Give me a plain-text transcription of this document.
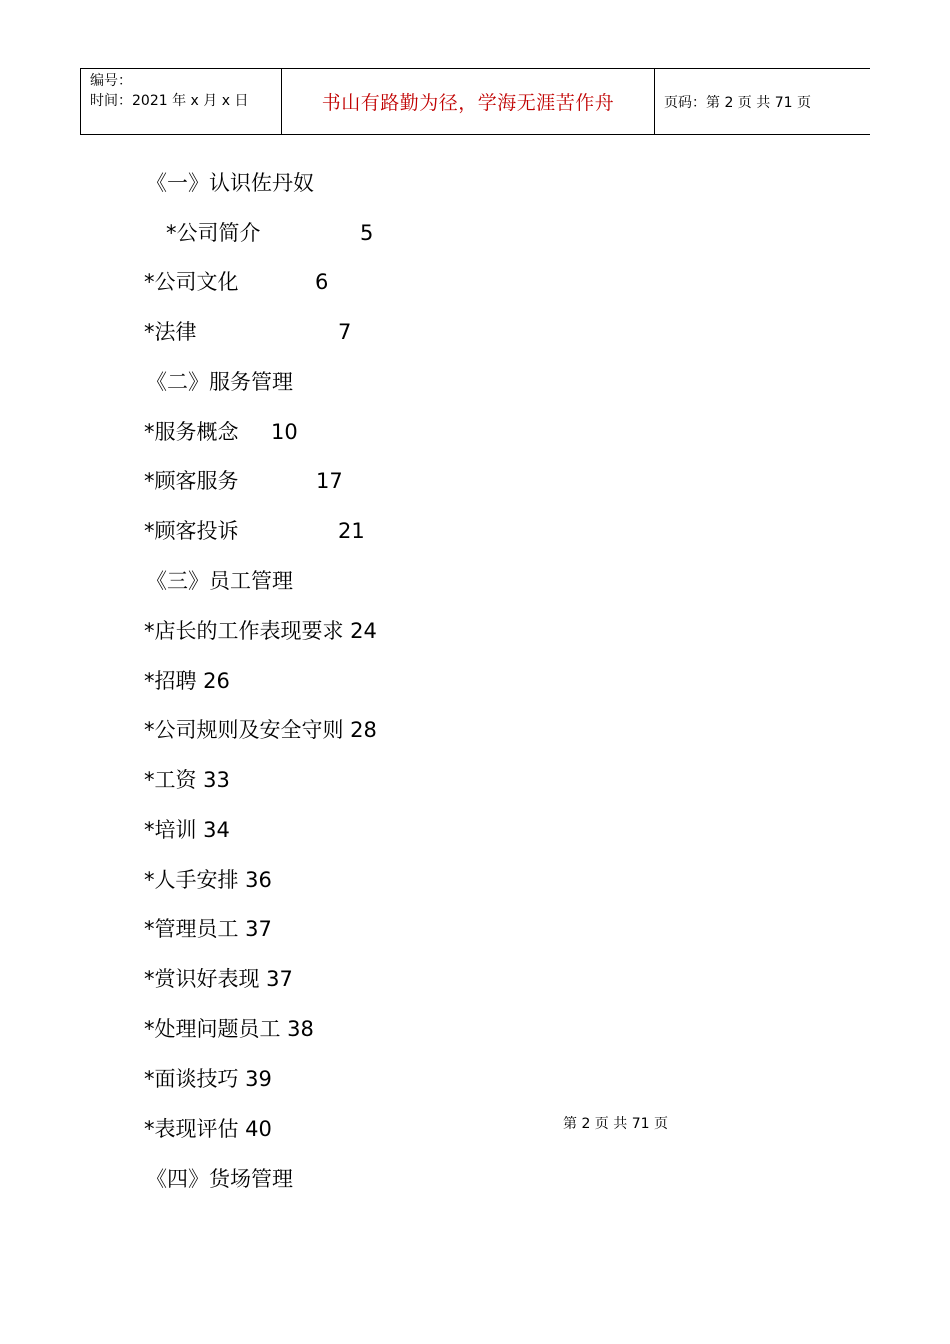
编号：
时间：2021 年 x 月 x 日	书山有路勤为径，学海无涯苦作舟	页码：第 2 页 共 71 页
《一》认识佐丹奴
*公司简介	5
*公司文化	6
*法律	7
《二》服务管理
*服务概念 10
*顾客服务	17
*顾客投诉	21
《三》员工管理
*店长的工作表现要求 24
*招聘 26
*公司规则及安全守则 28
*工资 33
*培训 34
*人手安排 36
*管理员工 37
*赏识好表现 37
*处理问题员工 38
*面谈技巧 39
*表现评估 40
《四》货场管理
第 2 页 共 71 页
